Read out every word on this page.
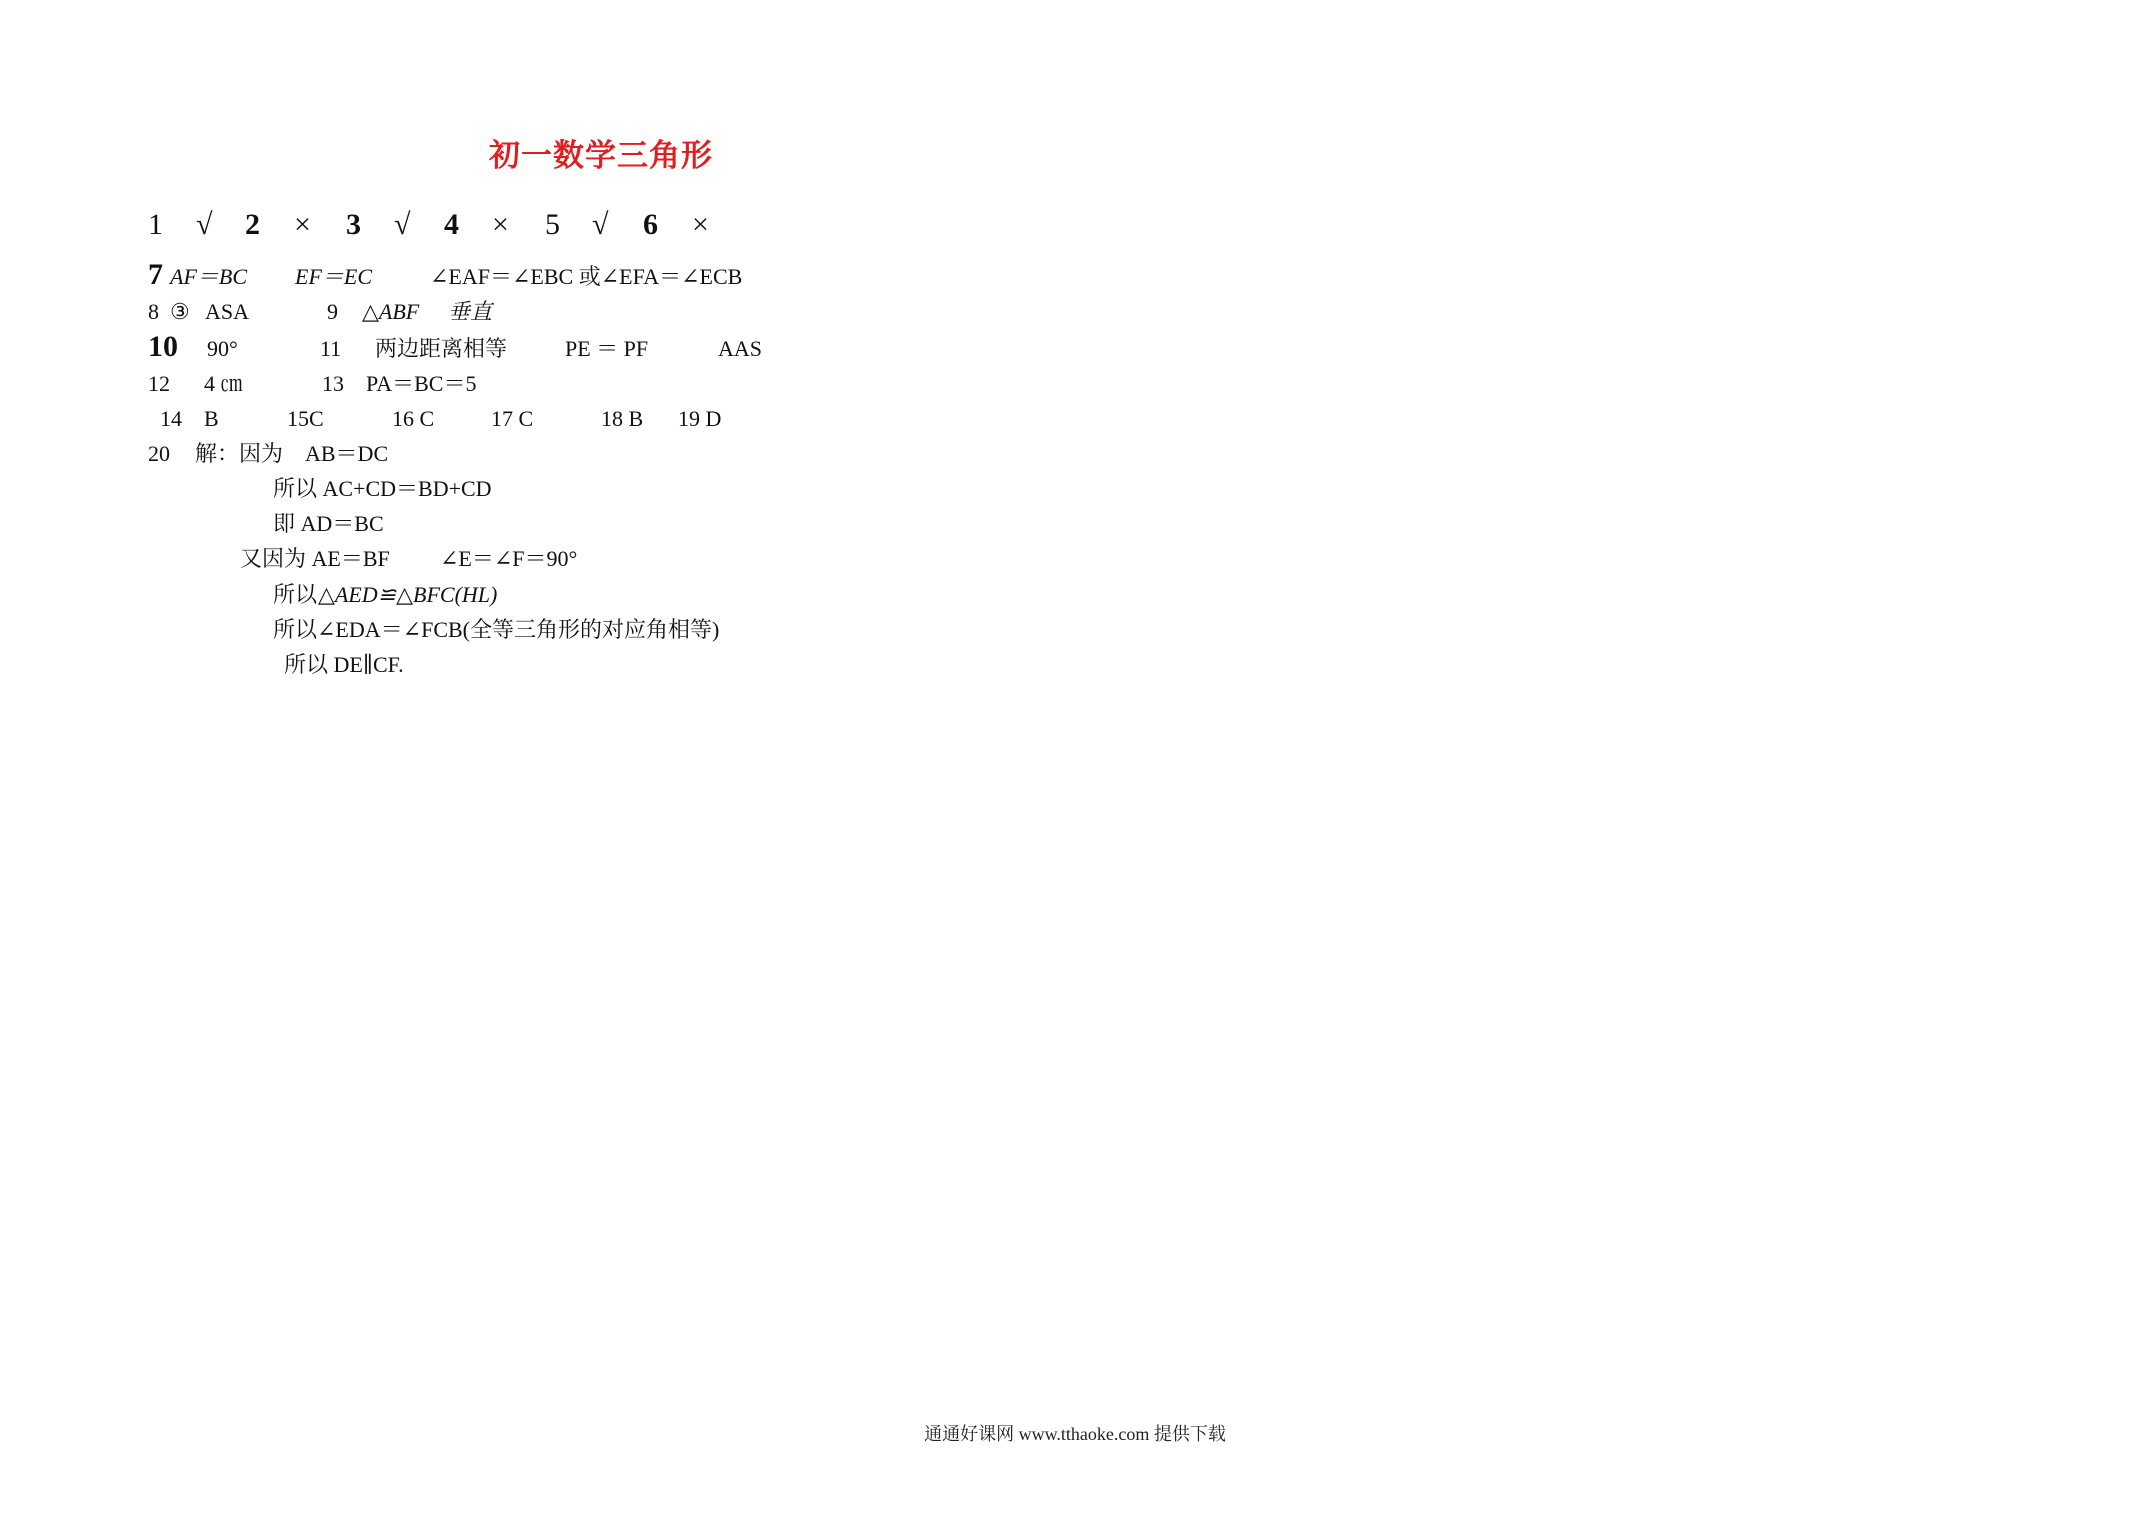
初一数学三角形
1 √ 2 × 3 √ 4 × 5 √ 6 ×
7 AF＝BC EF＝EC	∠EAF＝∠EBC 或∠EFA＝∠ECB
8 ③ ASA	9 △ABF 垂直
10 90°	11 两边距离相等	PE ＝ PF	AAS
12 4 ㎝	13 PA＝BC＝5
14 B	15C	16 C	17 C	18 B 19 D
20 解：因为　AB＝DC
所以 AC+CD＝BD+CD
即 AD＝BC
又因为 AE＝BF ∠E＝∠F＝90°
所以 △AED≌△BFC(HL)
所以∠EDA＝∠FCB(全等三角形的对应角相等)
所以 DE∥CF.
通通好课网 www.tthaoke.com 提供下载
